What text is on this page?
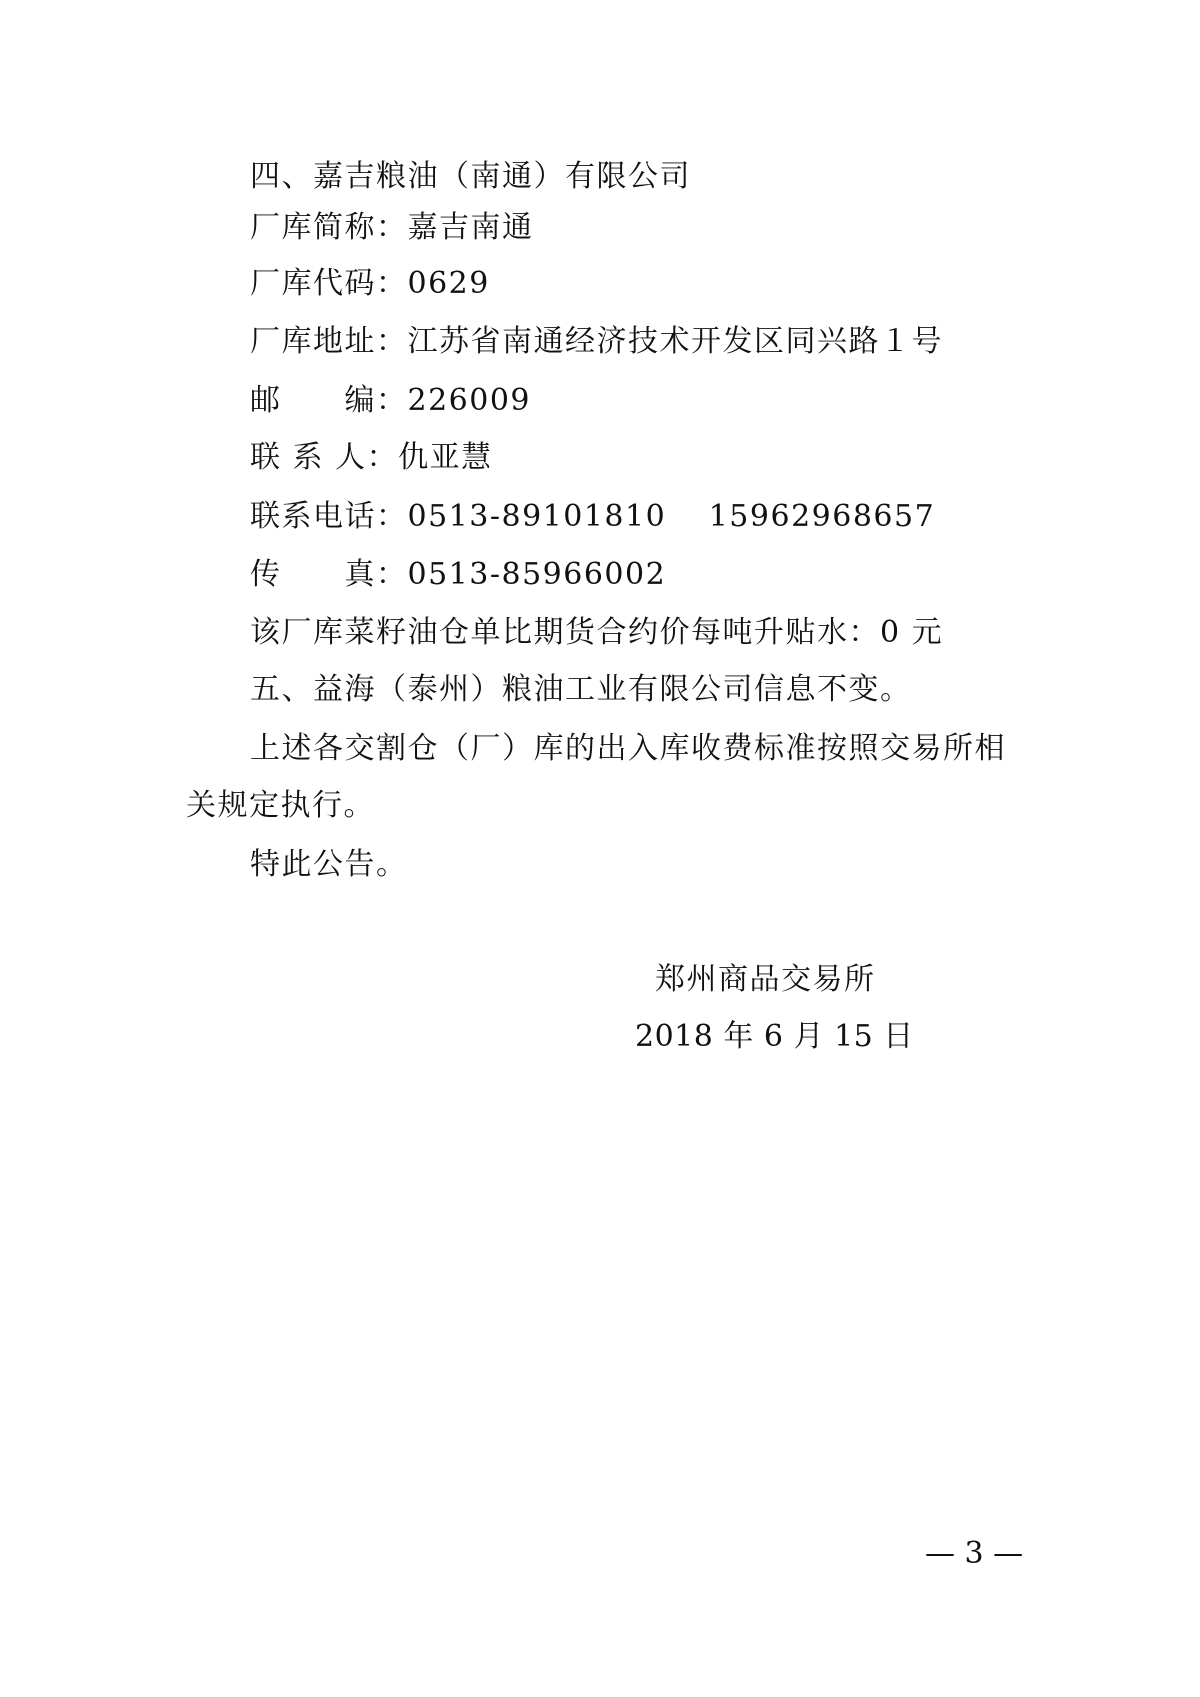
四、嘉吉粮油（南通）有限公司
厂库简称：嘉吉南通
厂库代码：0629
厂库地址：江苏省南通经济技术开发区同兴路１号
邮　　编：226009
联 系 人：仇亚慧
联系电话：0513-89101810　 15962968657
传　　真：0513-85966002
该厂库菜籽油仓单比期货合约价每吨升贴水：0 元
五、益海（泰州）粮油工业有限公司信息不变。
上述各交割仓（厂）库的出入库收费标准按照交易所相
关规定执行。
特此公告。
郑州商品交易所
2018 年 6 月 15 日
— 3 —
